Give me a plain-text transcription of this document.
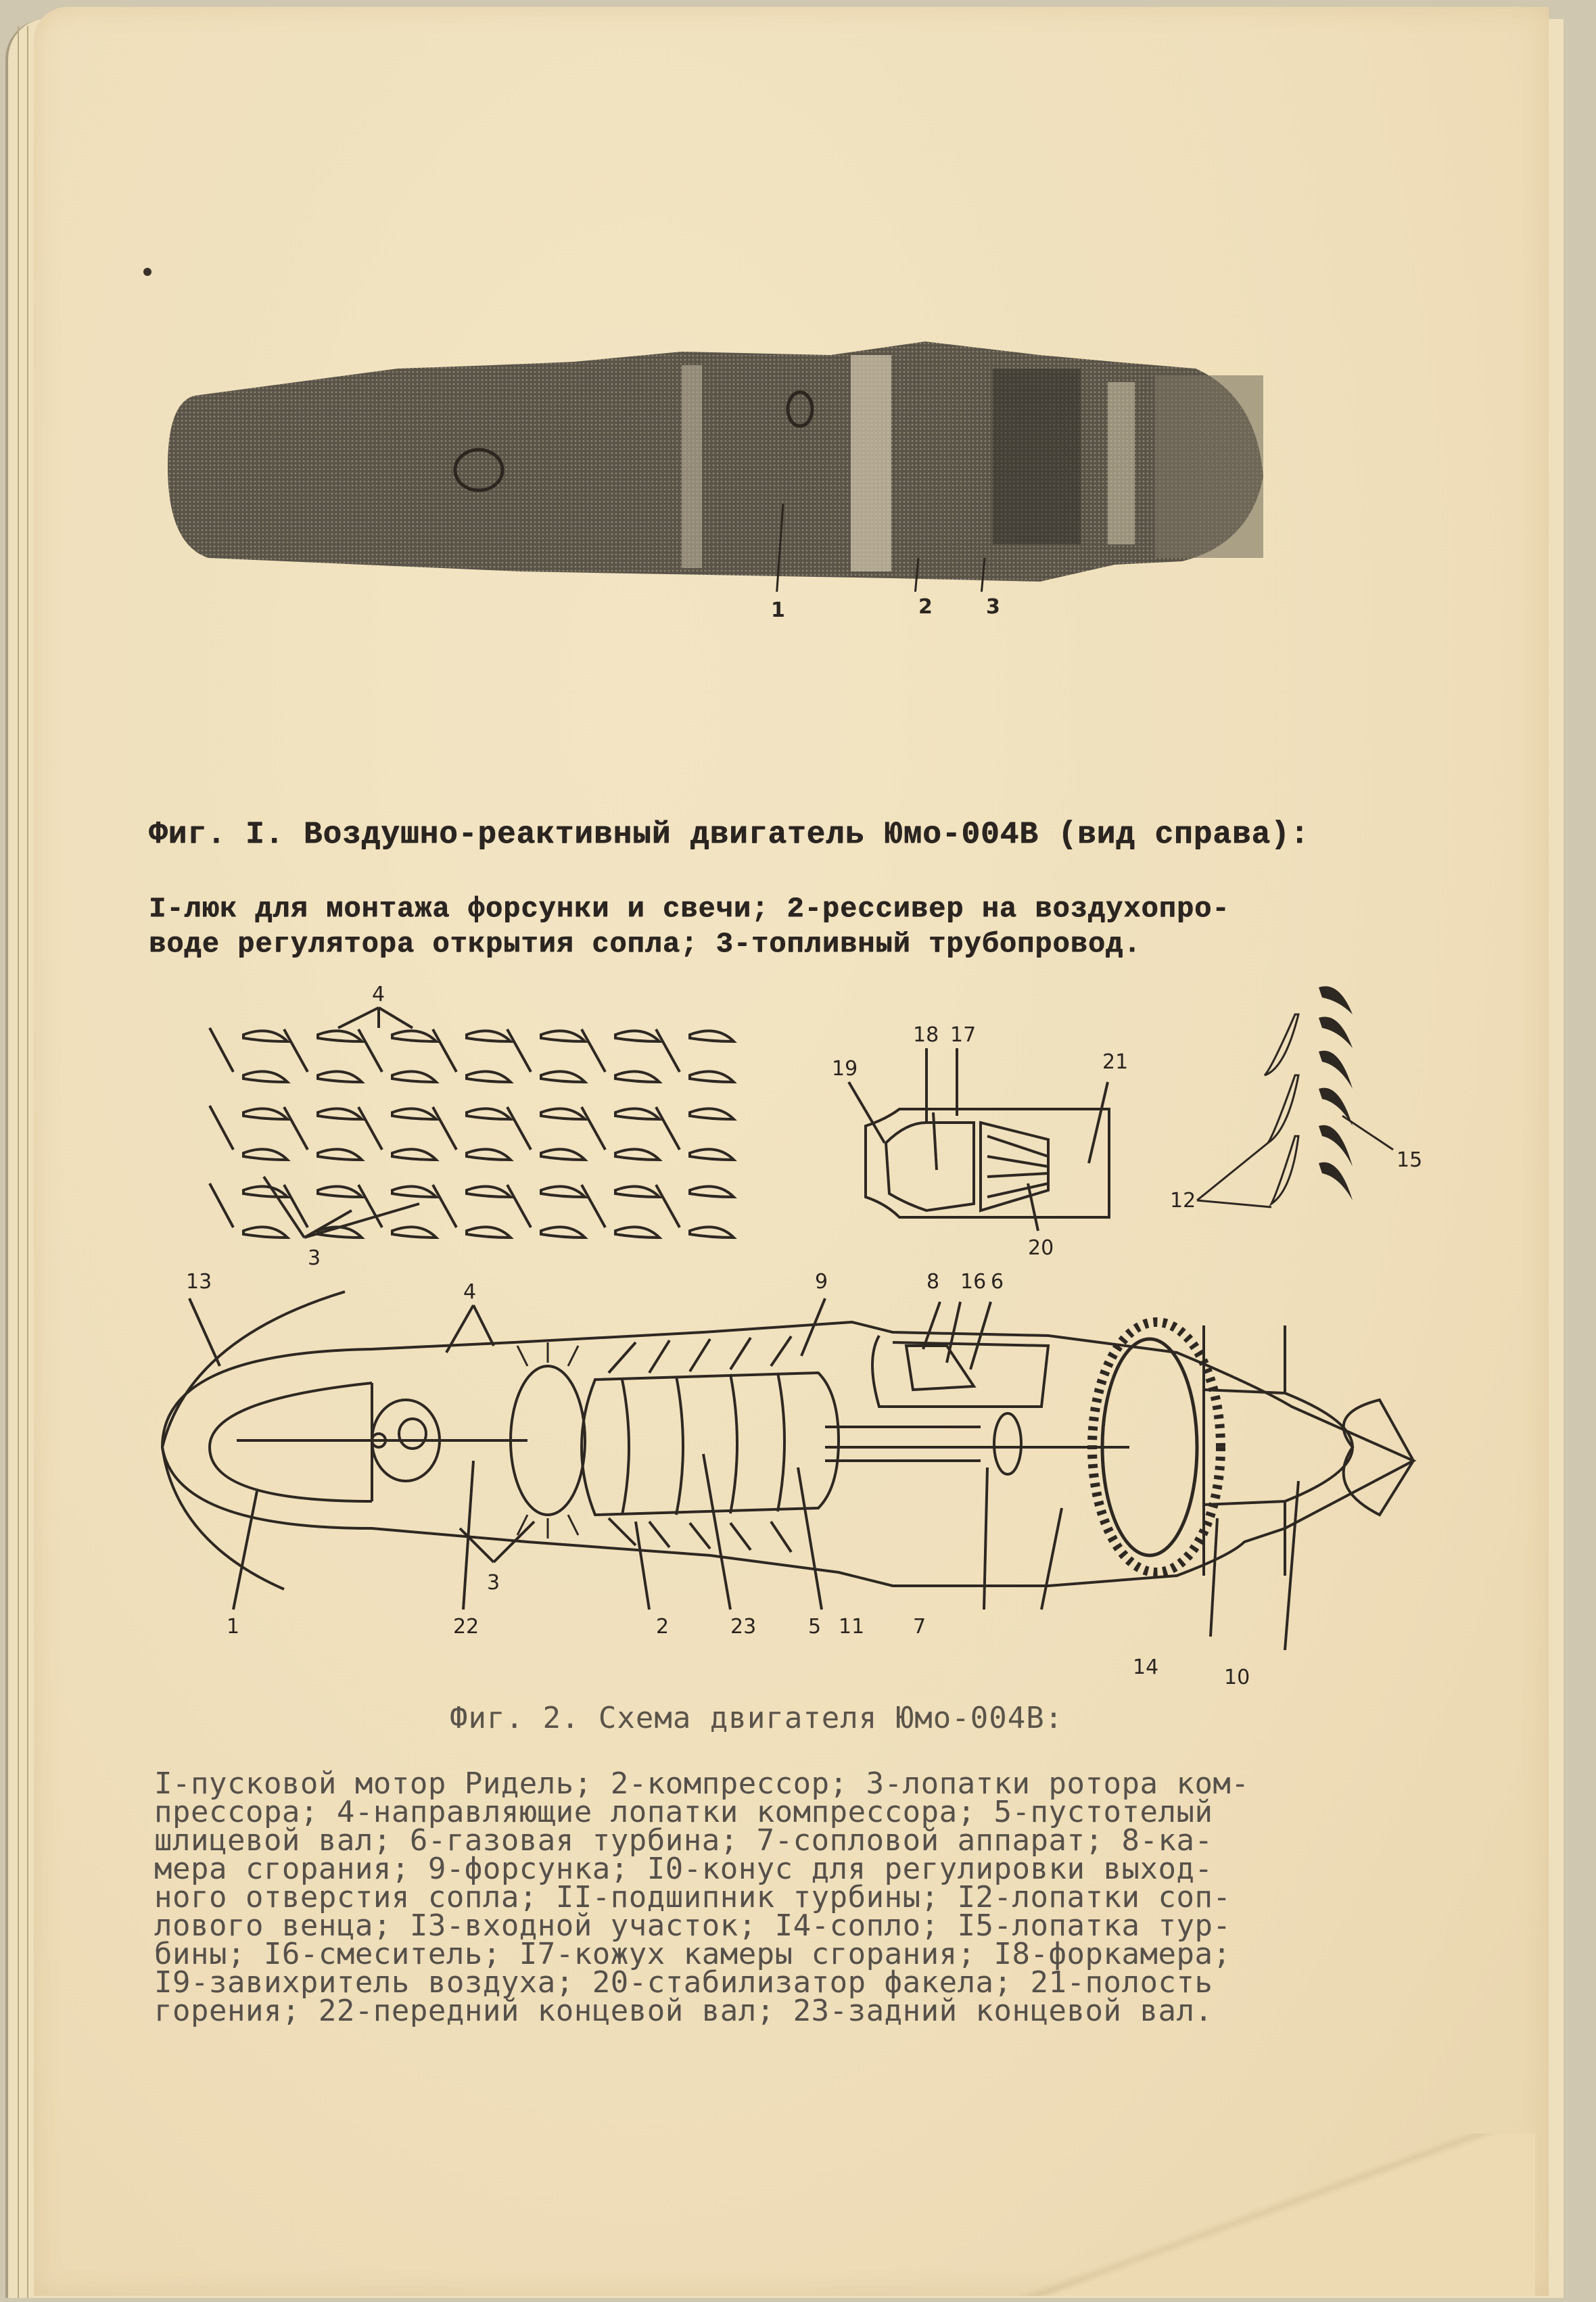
1	2	3
Фиг. I. Воздушно-реактивный двигатель Юмо-004В (вид справа):
I-люк для монтажа форсунки и свечи; 2-рессивер на воздухопро-
воде регулятора открытия сопла; 3-топливный трубопровод.
4
3
19
18 17
21
20
12
15
13	4	9	8 16 6
1	22
3
2	23	5 11 7
14	10
Фиг. 2. Схема двигателя Юмо-004В:
I-пусковой мотор Ридель; 2-компрессор; 3-лопатки ротора ком-
прессора; 4-направляющие лопатки компрессора; 5-пустотелый
шлицевой вал; 6-газовая турбина; 7-сопловой аппарат; 8-ка-
мера сгорания; 9-форсунка; I0-конус для регулировки выход-
ного отверстия сопла; II-подшипник турбины; I2-лопатки соп-
лового венца; I3-входной участок; I4-сопло; I5-лопатка тур-
бины; I6-смеситель; I7-кожух камеры сгорания; I8-форкамера;
I9-завихритель воздуха; 20-стабилизатор факела; 21-полость
горения; 22-передний концевой вал; 23-задний концевой вал.
